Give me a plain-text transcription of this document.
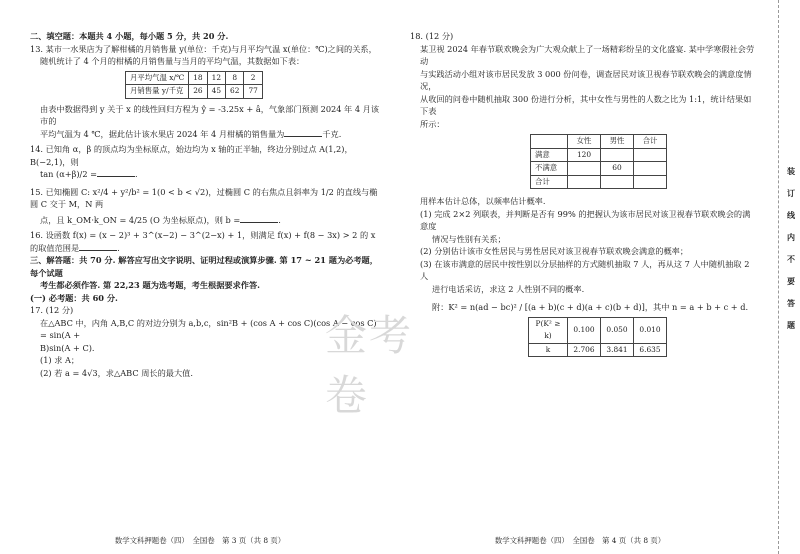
二、填空题：本题共 4 小题，每小题 5 分，共 20 分.

13. 某市一水果店为了解柑橘的月销售量 y(单位：千克)与月平均气温 x(单位：℃)之间的关系，

随机统计了 4 个月的柑橘的月销售量与当月的平均气温，其数据如下表：

月平均气温 x/℃	18	12	8	2
月销售量 y/千克	26	45	62	77

由表中数据得到 y 关于 x 的线性回归方程为 ŷ = -3.25x + â，气象部门预测 2024 年 4 月该市的

平均气温为 4 ℃，据此估计该水果店 2024 年 4 月柑橘的销售量为	千克.

14. 已知角 α，β 的顶点均为坐标原点，始边均为 x 轴的正半轴，终边分别过点 A(1,2)，B(−2,1)，则

tan (α+β)/2 =	.

15. 已知椭圆 C: x²/4 + y²/b² = 1(0 < b < √2)，过椭圆 C 的右焦点且斜率为 1/2 的直线与椭圆 C 交于 M，N 两

点，且 k_OM·k_ON = 4/25 (O 为坐标原点)，则 b =	.

16. 设函数 f(x) = (x − 2)³ + 3^(x−2) − 3^(2−x) + 1，则满足 f(x) + f(8 − 3x) > 2 的 x 的取值范围是	.

三、解答题：共 70 分. 解答应写出文字说明、证明过程或演算步骤. 第 17 ~ 21 题为必考题，每个试题

考生都必须作答. 第 22,23 题为选考题，考生根据要求作答.

(一) 必考题：共 60 分.

17. (12 分)

在△ABC 中，内角 A,B,C 的对边分别为 a,b,c，sin²B + (cos A + cos C)(cos A − cos C) = sin(A +

B)sin(A + C).

(1) 求 A；

(2) 若 a = 4√3，求△ABC 周长的最大值.

数学文科押题卷（四）　全国卷　第 3 页（共 8 页）

18. (12 分)

某卫视 2024 年春节联欢晚会为广大观众献上了一场精彩纷呈的文化盛宴. 某中学寒假社会劳动

与实践活动小组对该市居民发放 3 000 份问卷，调查居民对该卫视春节联欢晚会的满意度情况，

从收回的问卷中随机抽取 300 份进行分析，其中女性与男性的人数之比为 1:1，统计结果如下表

所示：

	女性	男性	合计
满意	120		
不满意		60	
合计			

用样本估计总体，以频率估计概率.

(1) 完成 2×2 列联表，并判断是否有 99% 的把握认为该市居民对该卫视春节联欢晚会的满意度

情况与性别有关系；

(2) 分别估计该市女性居民与男性居民对该卫视春节联欢晚会满意的概率；

(3) 在该市满意的居民中按性别以分层抽样的方式随机抽取 7 人，再从这 7 人中随机抽取 2 人

进行电话采访，求这 2 人性别不同的概率.

附：K² = n(ad − bc)² / [(a + b)(c + d)(a + c)(b + d)]，其中 n = a + b + c + d.

P(K² ≥ k)	0.100	0.050	0.010
k	2.706	3.841	6.635
数学文科押题卷（四）　全国卷　第 4 页（共 8 页）
装 订 线 内 不 要 答 题
金考卷
